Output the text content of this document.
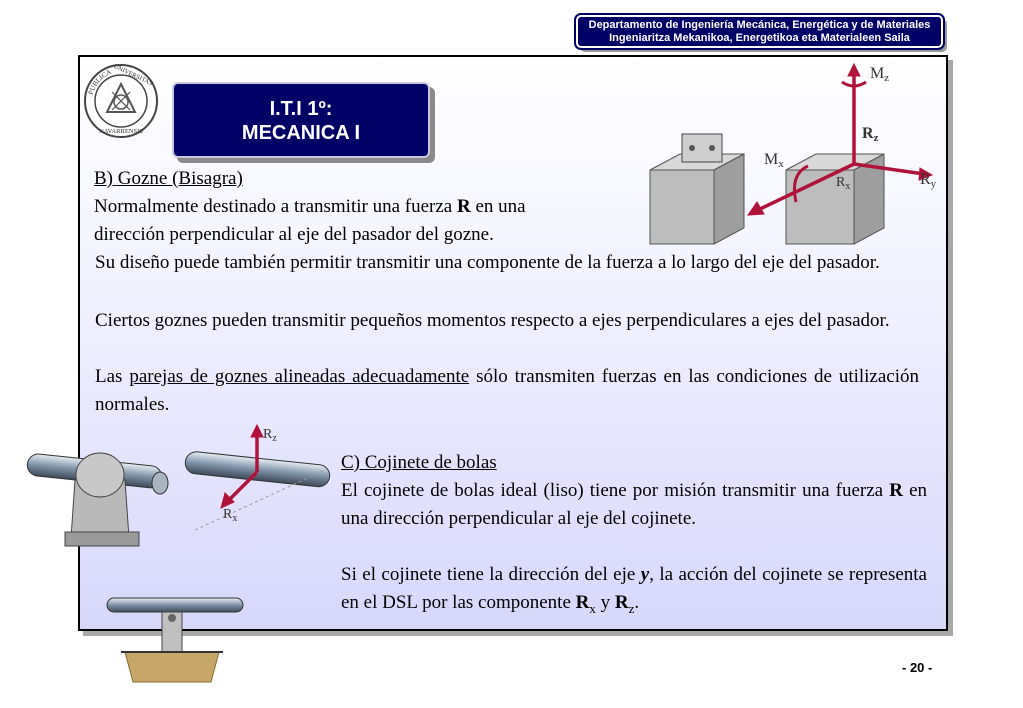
Departamento de Ingeniería Mecánica, Energética y de Materiales
Ingeniaritza Mekanikoa, Energetikoa eta Materialeen Saila
PUBLICA UNIVERSITAS
NAVARRENSIS
I.T.I 1º:
MECANICA I
Mz
Rz
Mx
$R_x$	Ry
B) Gozne (Bisagra)
Normalmente destinado a transmitir una fuerza R en una
dirección perpendicular al eje del pasador del gozne.
Su diseño puede también permitir transmitir una componente de la fuerza a lo largo del eje del pasador.
Ciertos goznes pueden transmitir pequeños momentos respecto a ejes perpendiculares a ejes del pasador.
Las parejas de goznes alineadas adecuadamente sólo transmiten fuerzas en las condiciones de utilización normales.
$R_z$
$R_x$
C) Cojinete de bolas
El cojinete de bolas ideal (liso) tiene por misión transmitir una fuerza R en una dirección perpendicular al eje del cojinete.
Si el cojinete tiene la dirección del eje y, la acción del cojinete se representa en el DSL por las componente $R_x$ y $R_z$.
- 20 -
